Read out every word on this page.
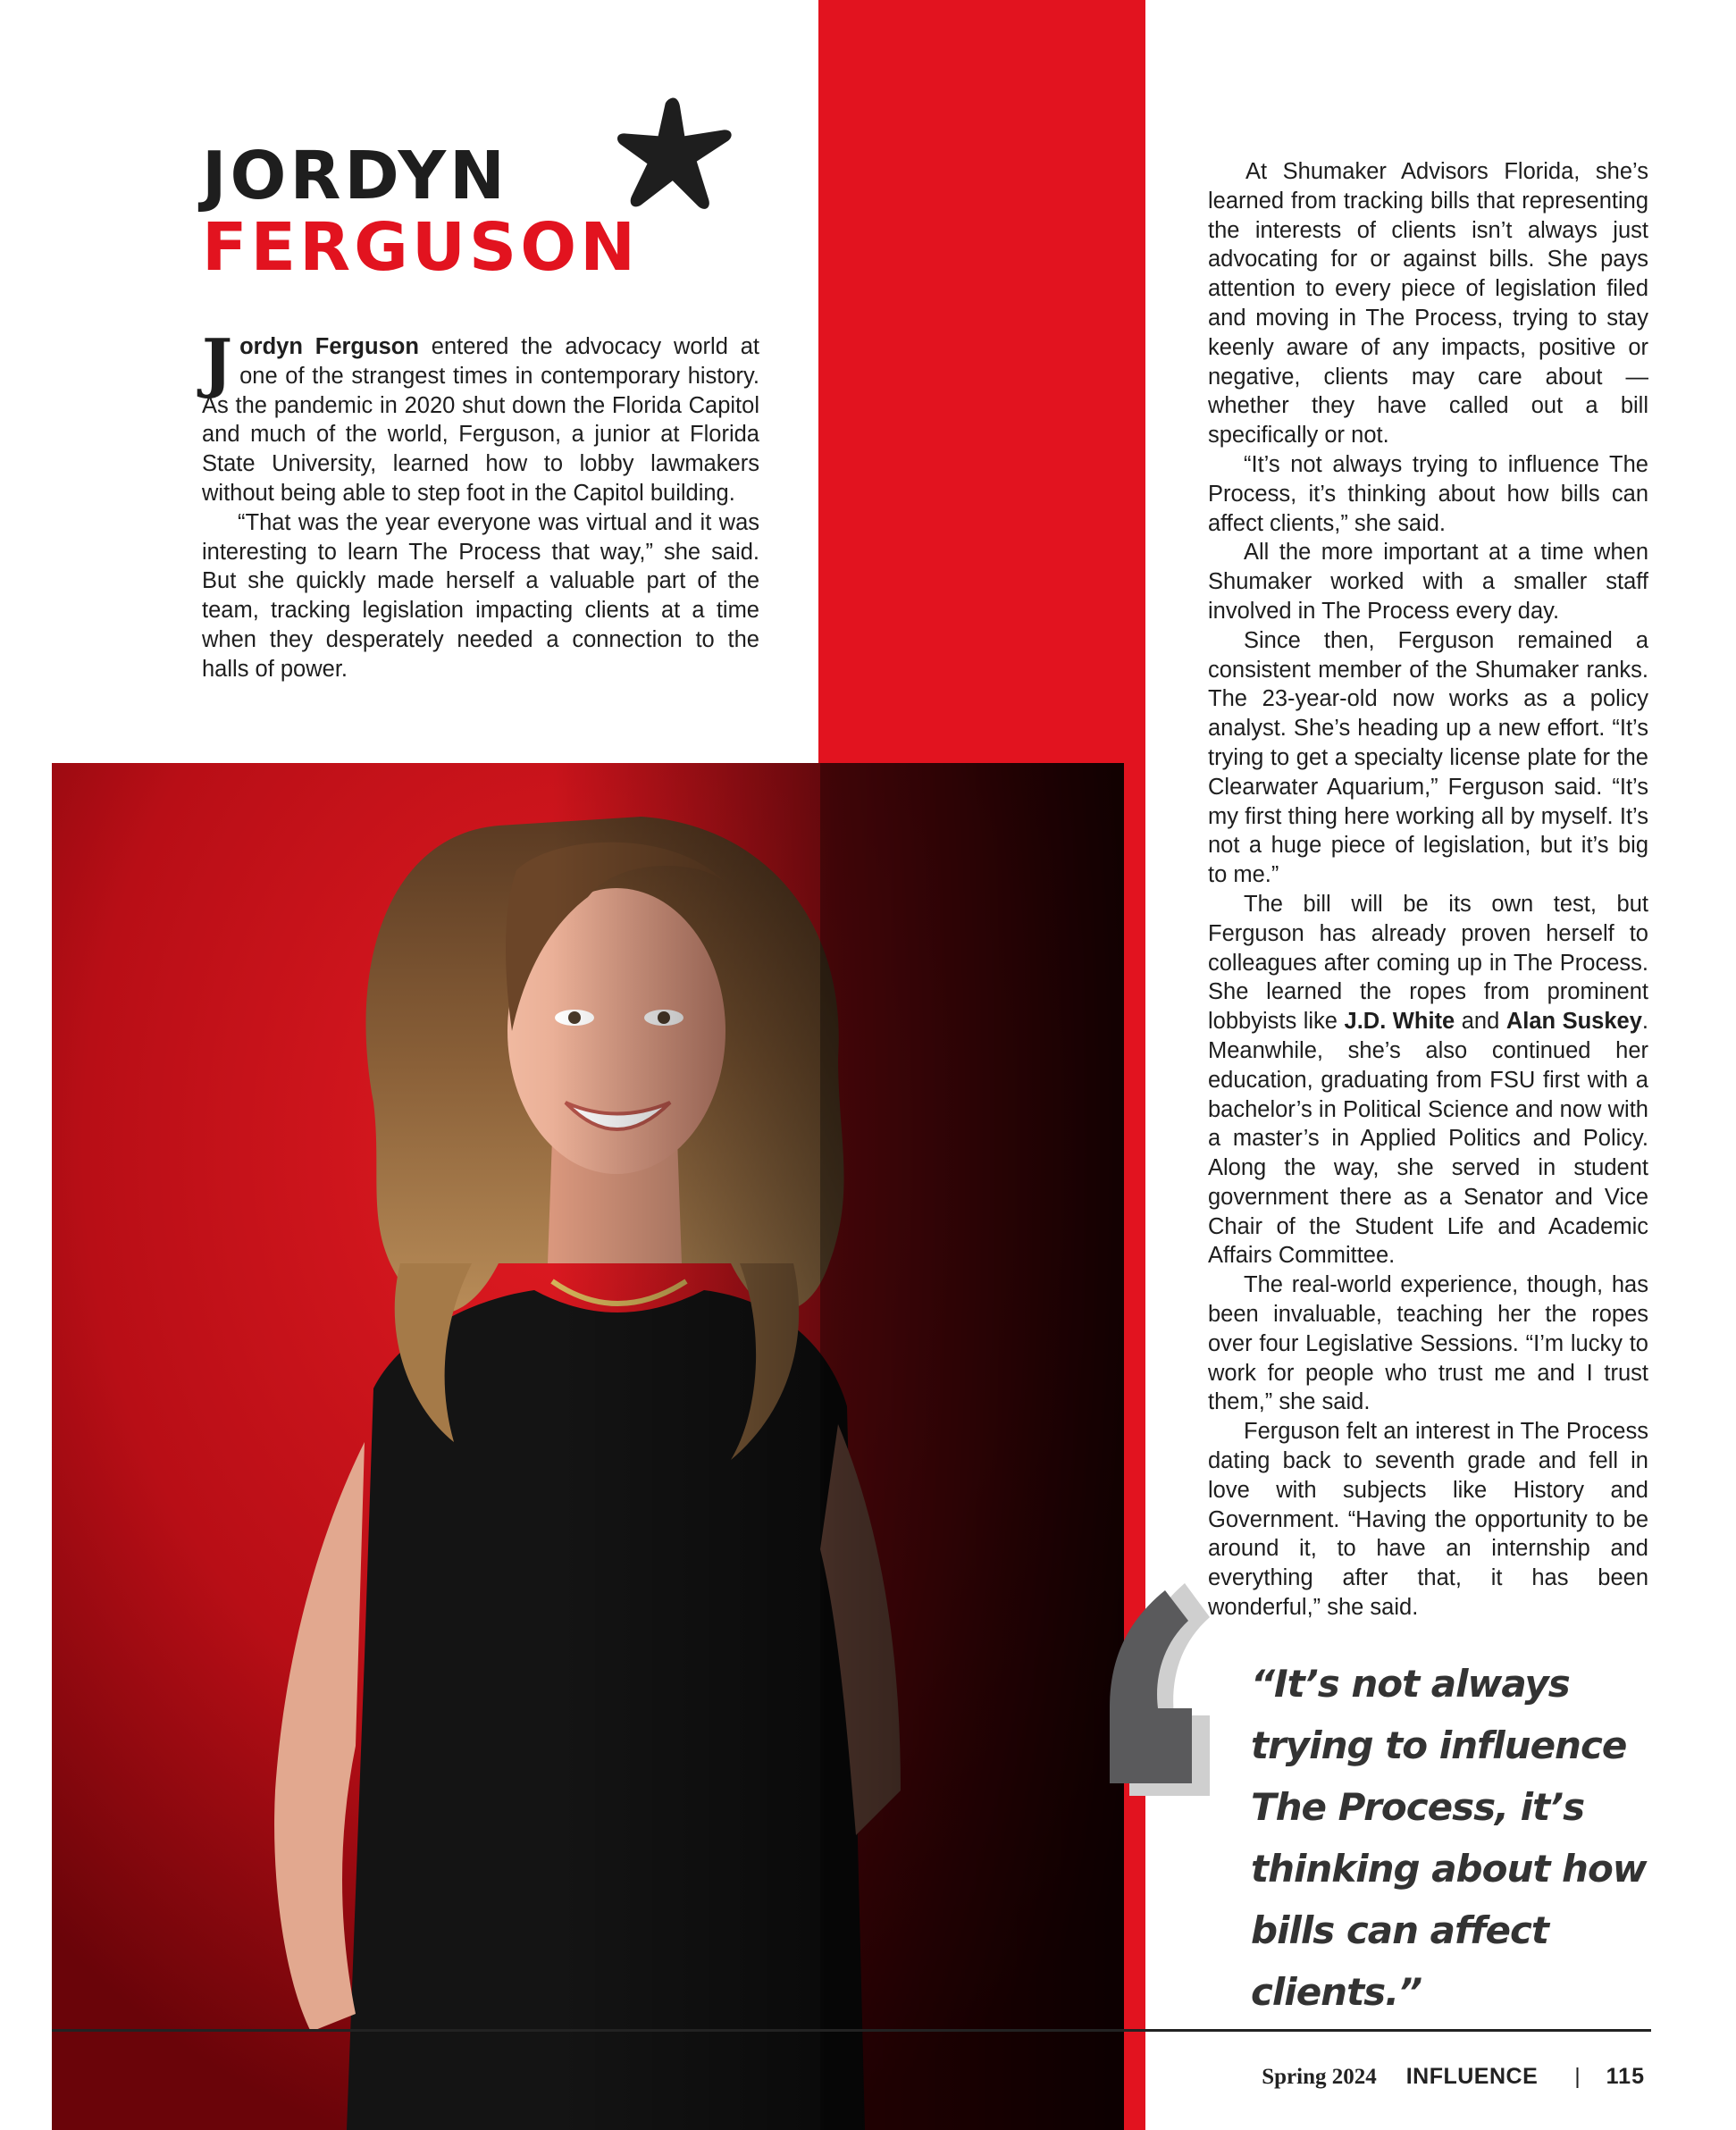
JORDYN
FERGUSON

Jordyn Ferguson entered the advocacy world at one of the strangest times in contemporary history. As the pandemic in 2020 shut down the Florida Capitol and much of the world, Ferguson, a junior at Florida State University, learned how to lobby lawmakers without being able to step foot in the Capitol building.

“That was the year everyone was virtual and it was interesting to learn The Process that way,” she said. But she quickly made herself a valuable part of the team, tracking legislation impacting clients at a time when they desperately needed a connection to the halls of power.

At Shumaker Advisors Florida, she’s learned from tracking bills that representing the interests of clients isn’t always just advocating for or against bills. She pays attention to every piece of legislation filed and moving in The Process, trying to stay keenly aware of any impacts, positive or negative, clients may care about — whether they have called out a bill specifically or not.

“It’s not always trying to influence The Process, it’s thinking about how bills can affect clients,” she said.

All the more important at a time when Shumaker worked with a smaller staff involved in The Process every day.

Since then, Ferguson remained a consistent member of the Shumaker ranks. The 23-year-old now works as a policy analyst. She’s heading up a new effort. “It’s trying to get a specialty license plate for the Clearwater Aquarium,” Ferguson said. “It’s my first thing here working all by myself. It’s not a huge piece of legislation, but it’s big to me.”

The bill will be its own test, but Ferguson has already proven herself to colleagues after coming up in The Process. She learned the ropes from prominent lobbyists like J.D. White and Alan Suskey. Meanwhile, she’s also continued her education, graduating from FSU first with a bachelor’s in Political Science and now with a master’s in Applied Politics and Policy. Along the way, she served in student government there as a Senator and Vice Chair of the Student Life and Academic Affairs Committee.

The real-world experience, though, has been invaluable, teaching her the ropes over four Legislative Sessions. “I’m lucky to work for people who trust me and I trust them,” she said.

Ferguson felt an interest in The Process dating back to seventh grade and fell in love with subjects like History and Government. “Having the opportunity to be around it, to have an internship and everything after that, it has been wonderful,” she said.

“It’s not always trying to influence The Process, it’s thinking about how bills can affect clients.”

Spring 2024 INFLUENCE | 115
